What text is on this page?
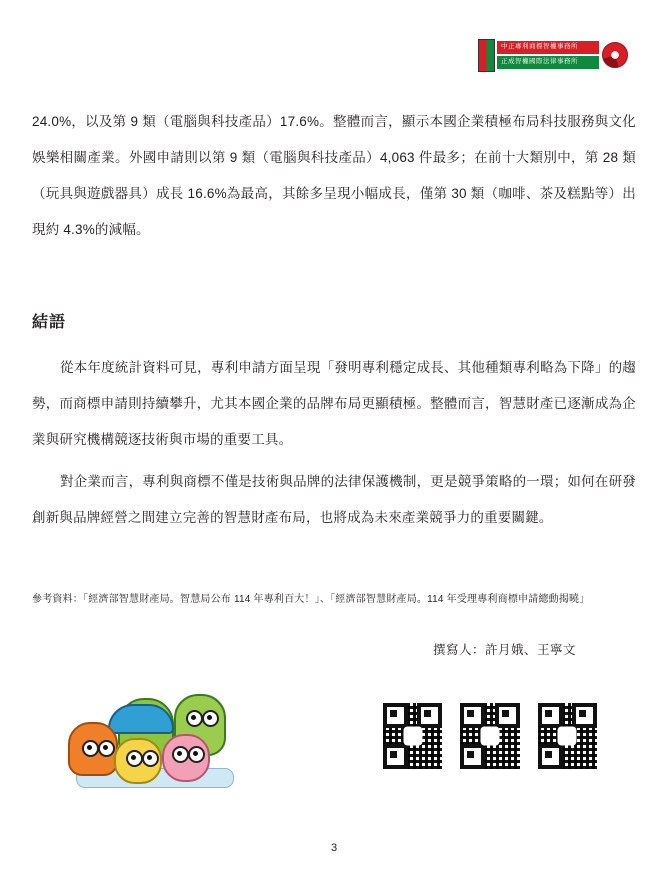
中正專利商標智權事務所
正成智權國際法律事務所

24.0%，以及第 9 類（電腦與科技產品）17.6%。整體而言，顯示本國企業積極布局科技服務與文化娛樂相關產業。外國申請則以第 9 類（電腦與科技產品）4,063 件最多；在前十大類別中，第 28 類（玩具與遊戲器具）成長 16.6%為最高，其餘多呈現小幅成長，僅第 30 類（咖啡、茶及糕點等）出現約 4.3%的減幅。

結語

從本年度統計資料可見，專利申請方面呈現「發明專利穩定成長、其他種類專利略為下降」的趨勢，而商標申請則持續攀升，尤其本國企業的品牌布局更顯積極。整體而言，智慧財產已逐漸成為企業與研究機構競逐技術與市場的重要工具。

對企業而言，專利與商標不僅是技術與品牌的法律保護機制，更是競爭策略的一環；如何在研發創新與品牌經營之間建立完善的智慧財產布局，也將成為未來產業競爭力的重要關鍵。

參考資料：「經濟部智慧財產局。智慧局公布 114 年專利百大！」、「經濟部智慧財產局。114 年受理專利商標申請總動揭曉」
撰寫人：許月娥、王寧文
L	f
3
